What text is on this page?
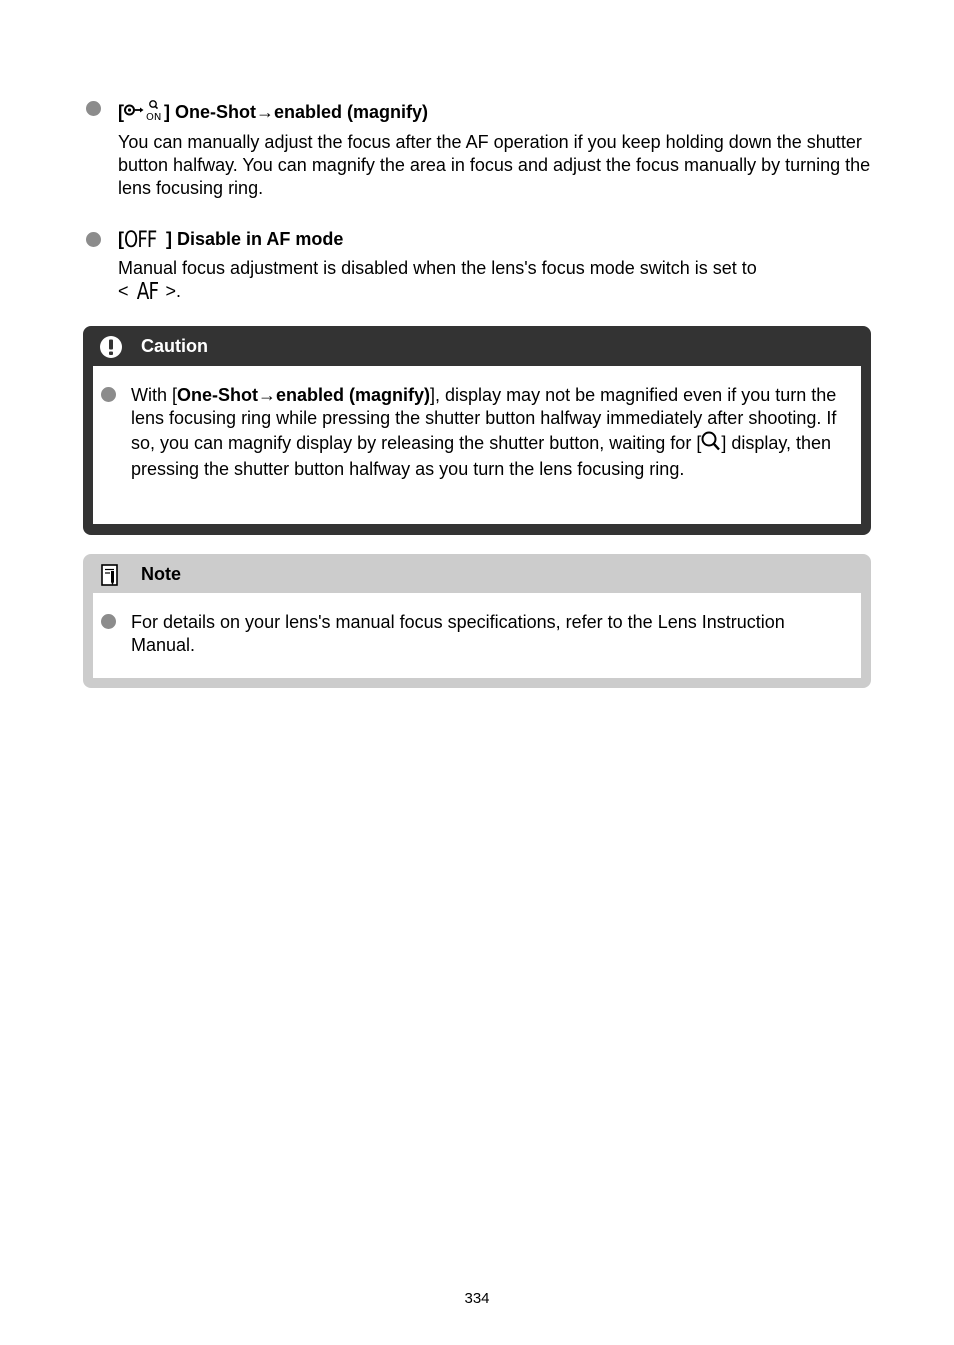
[ ON ] One-Shot→enabled (magnify)
You can manually adjust the focus after the AF operation if you keep holding down the shutter button halfway. You can magnify the area in focus and adjust the focus manually by turning the lens focusing ring.
[OFF ] Disable in AF mode
Manual focus adjustment is disabled when the lens's focus mode switch is set to
< AF >.
Caution
With [One-Shot→enabled (magnify)], display may not be magnified even if you turn the lens focusing ring while pressing the shutter button halfway immediately after shooting. If so, you can magnify display by releasing the shutter button, waiting for [ ] display, then pressing the shutter button halfway as you turn the lens focusing ring.
Note
For details on your lens's manual focus specifications, refer to the Lens Instruction Manual.
334
